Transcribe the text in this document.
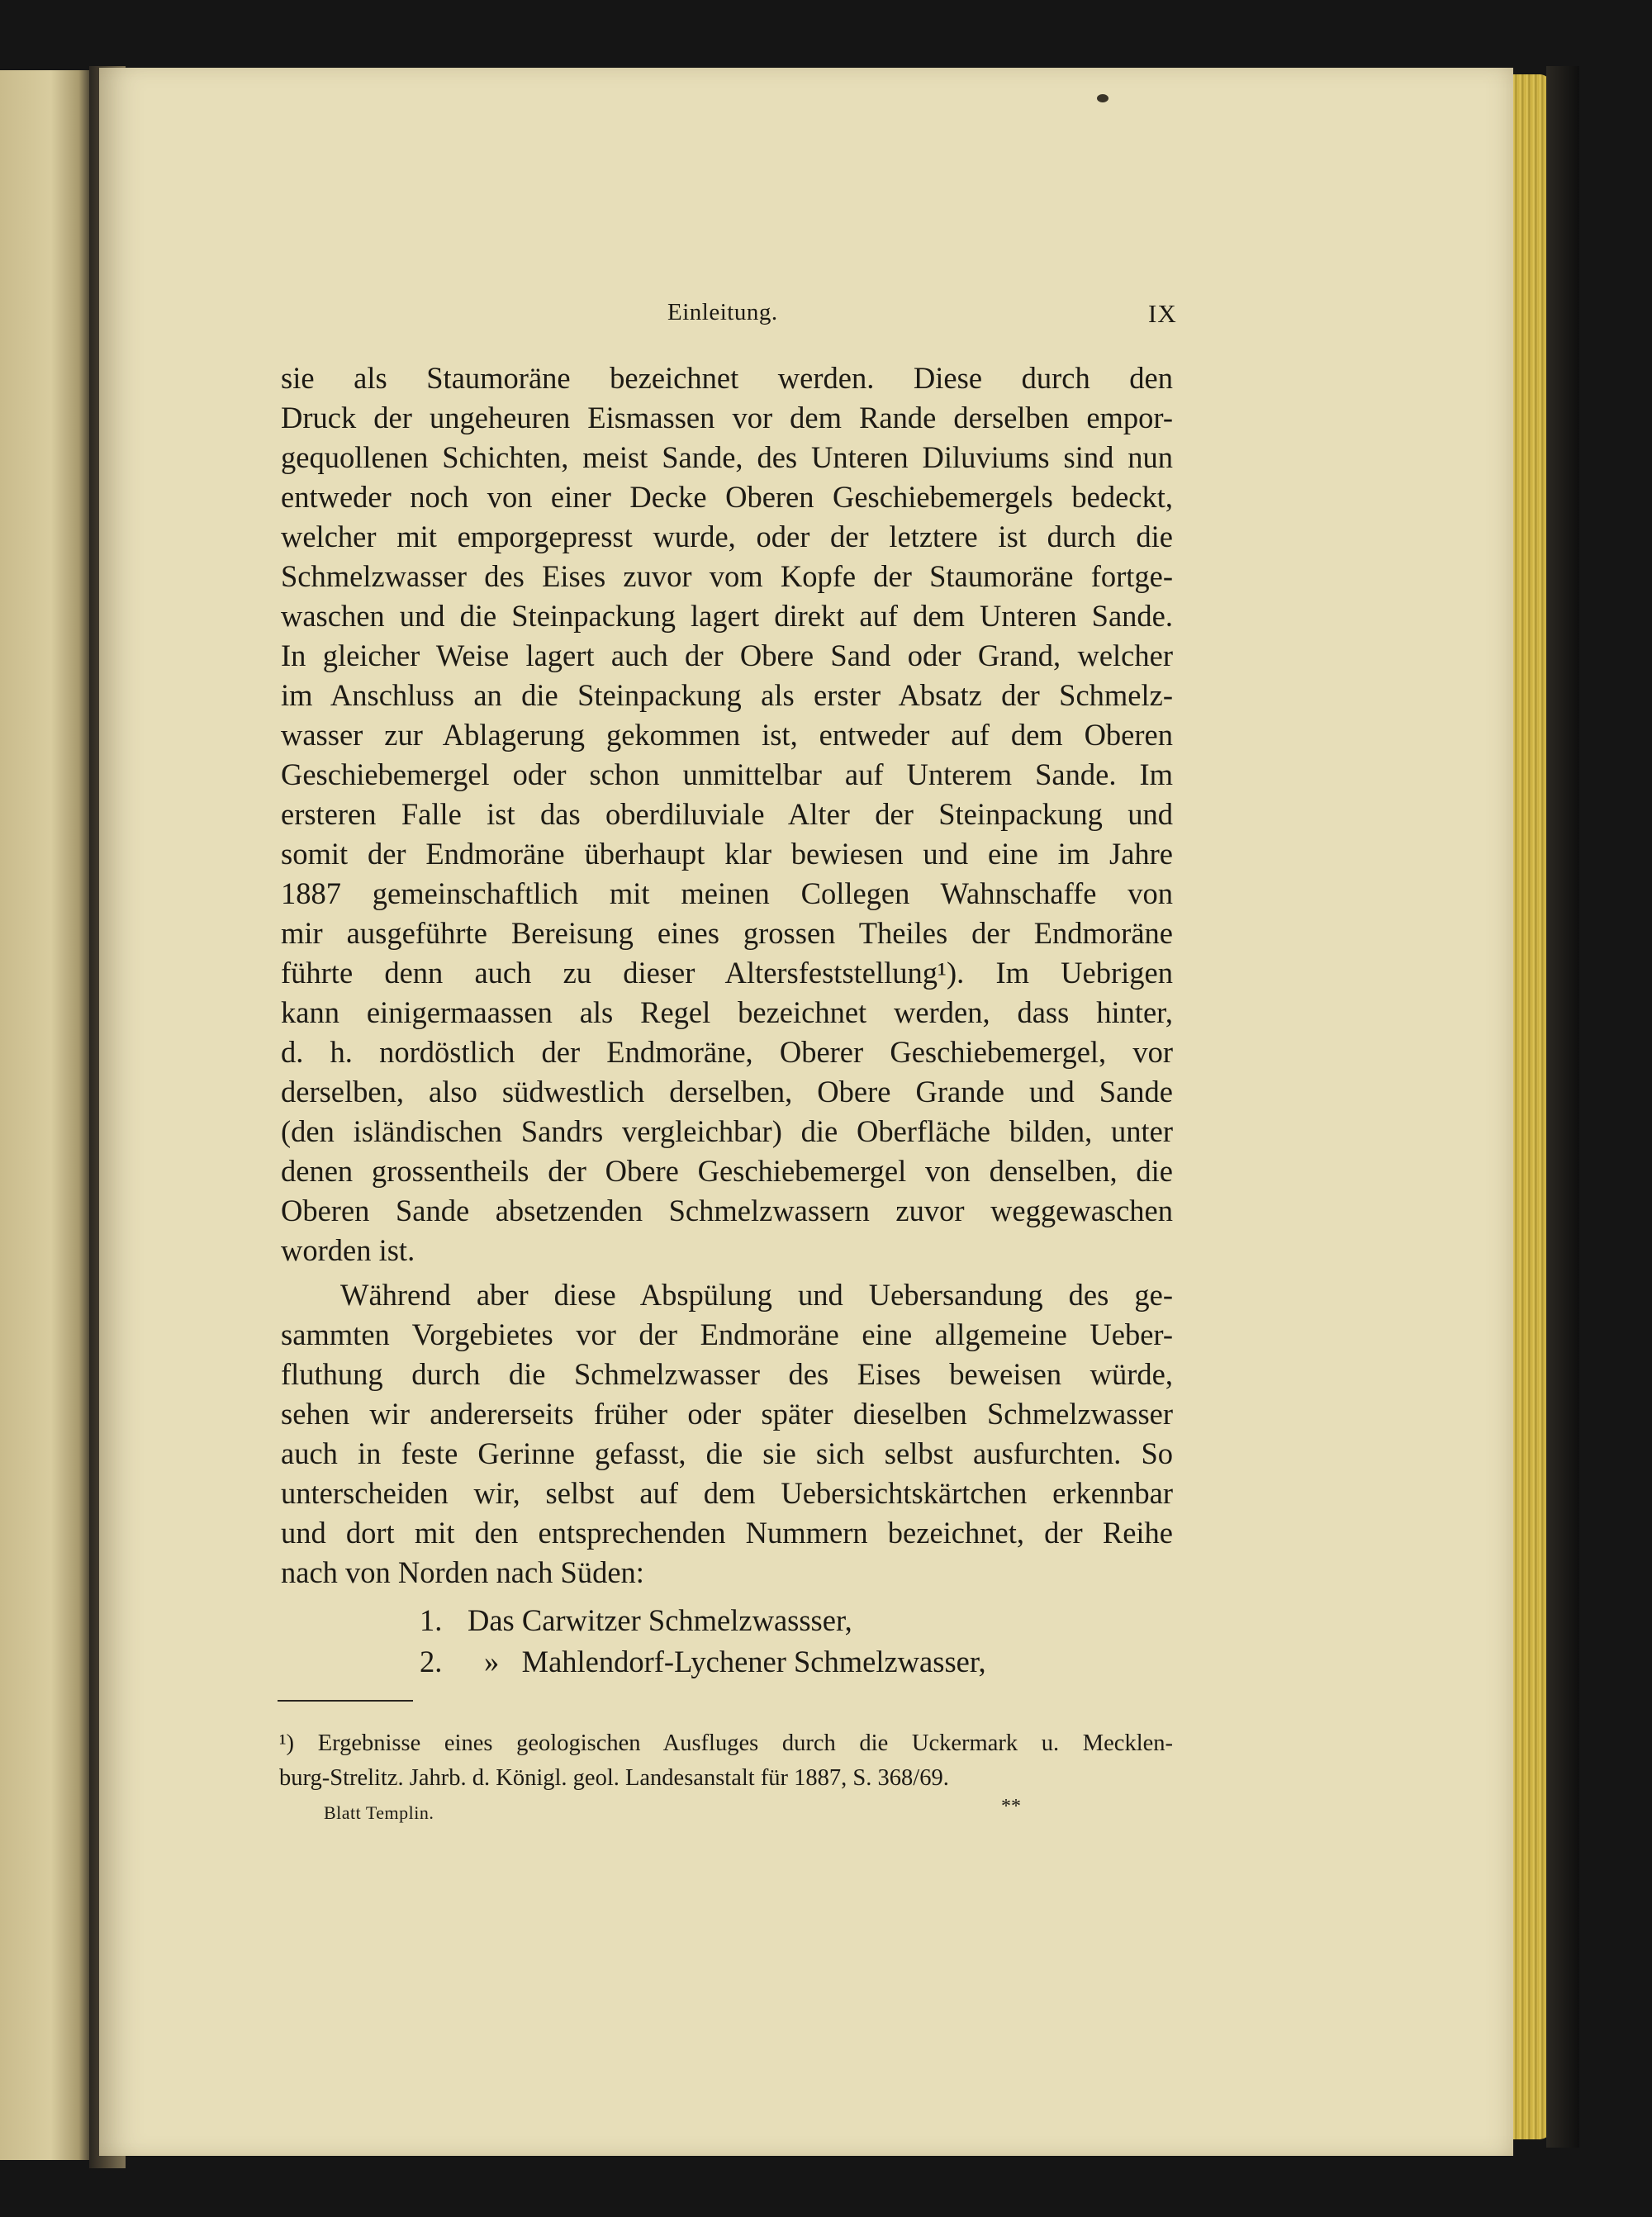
Einleitung.	IX
sie als Staumoräne bezeichnet werden. Diese durch den
Druck der ungeheuren Eismassen vor dem Rande derselben empor-
gequollenen Schichten, meist Sande, des Unteren Diluviums sind nun
entweder noch von einer Decke Oberen Geschiebemergels bedeckt,
welcher mit emporgepresst wurde, oder der letztere ist durch die
Schmelzwasser des Eises zuvor vom Kopfe der Staumoräne fortge-
waschen und die Steinpackung lagert direkt auf dem Unteren Sande.
In gleicher Weise lagert auch der Obere Sand oder Grand, welcher
im Anschluss an die Steinpackung als erster Absatz der Schmelz-
wasser zur Ablagerung gekommen ist, entweder auf dem Oberen
Geschiebemergel oder schon unmittelbar auf Unterem Sande. Im
ersteren Falle ist das oberdiluviale Alter der Steinpackung und
somit der Endmoräne überhaupt klar bewiesen und eine im Jahre
1887 gemeinschaftlich mit meinen Collegen Wahnschaffe von
mir ausgeführte Bereisung eines grossen Theiles der Endmoräne
führte denn auch zu dieser Altersfeststellung¹). Im Uebrigen
kann einigermaassen als Regel bezeichnet werden, dass hinter,
d. h. nordöstlich der Endmoräne, Oberer Geschiebemergel, vor
derselben, also südwestlich derselben, Obere Grande und Sande
(den isländischen Sandrs vergleichbar) die Oberfläche bilden, unter
denen grossentheils der Obere Geschiebemergel von denselben, die
Oberen Sande absetzenden Schmelzwassern zuvor weggewaschen
worden ist.
Während aber diese Abspülung und Uebersandung des ge-
sammten Vorgebietes vor der Endmoräne eine allgemeine Ueber-
fluthung durch die Schmelzwasser des Eises beweisen würde,
sehen wir andererseits früher oder später dieselben Schmelzwasser
auch in feste Gerinne gefasst, die sie sich selbst ausfurchten. So
unterscheiden wir, selbst auf dem Uebersichtskärtchen erkennbar
und dort mit den entsprechenden Nummern bezeichnet, der Reihe
nach von Norden nach Süden:
1. Das Carwitzer Schmelzwassser,
2. »   Mahlendorf-Lychener Schmelzwasser,
¹) Ergebnisse eines geologischen Ausfluges durch die Uckermark u. Mecklen-
burg-Strelitz. Jahrb. d. Königl. geol. Landesanstalt für 1887, S. 368/69.
Blatt Templin.	**
